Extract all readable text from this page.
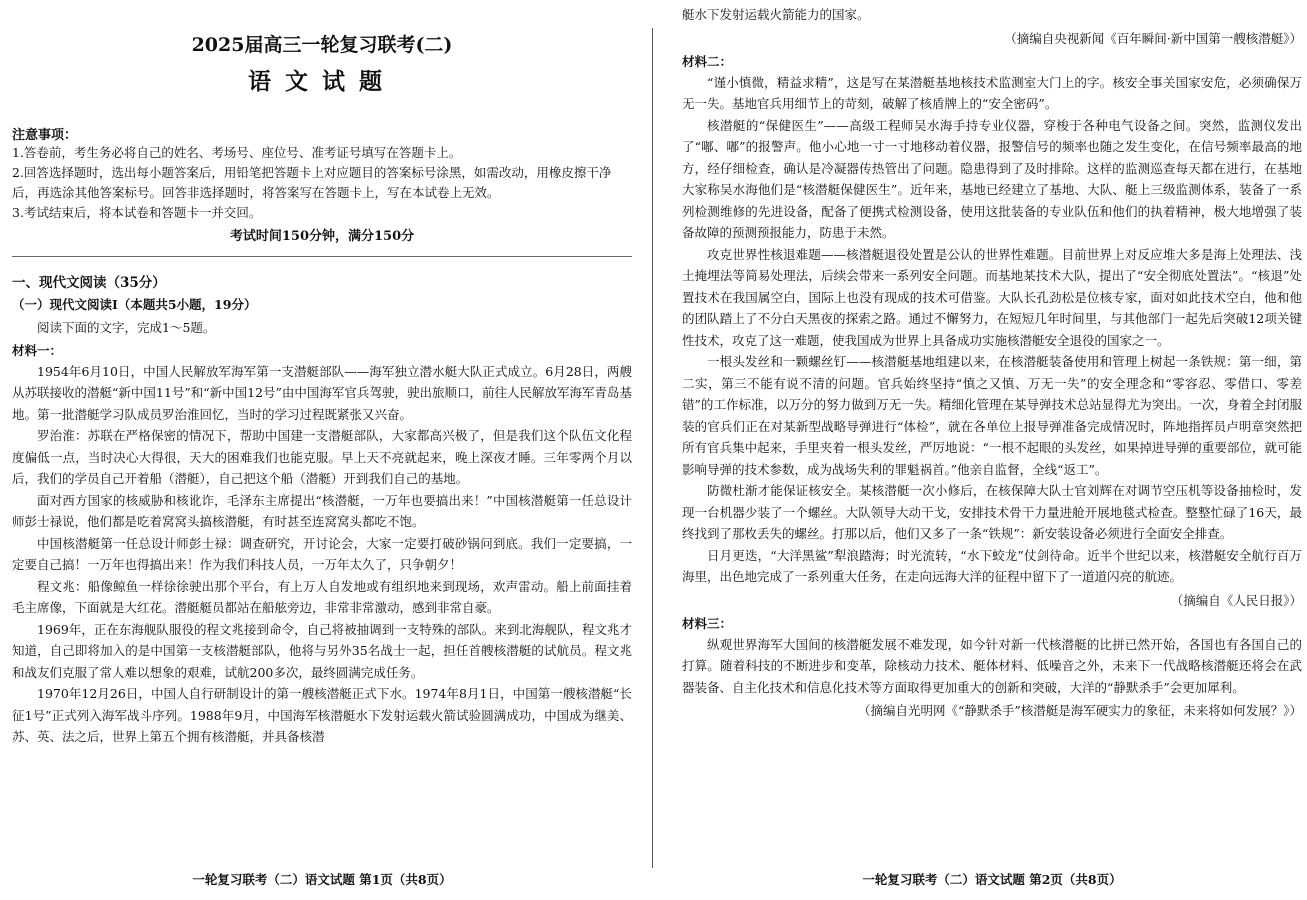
2025届高三一轮复习联考(二)
语文试题
注意事项：
1.答卷前，考生务必将自己的姓名、考场号、座位号、准考证号填写在答题卡上。
2.回答选择题时，选出每小题答案后，用铅笔把答题卡上对应题目的答案标号涂黑，如需改动，用橡皮擦干净后，再选涂其他答案标号。回答非选择题时，将答案写在答题卡上，写在本试卷上无效。
3.考试结束后，将本试卷和答题卡一并交回。
考试时间150分钟，满分150分
一、现代文阅读（35分）
（一）现代文阅读Ⅰ（本题共5小题，19分）

阅读下面的文字，完成1～5题。

材料一：

1954年6月10日，中国人民解放军海军第一支潜艇部队——海军独立潜水艇大队正式成立。6月28日，两艘从苏联接收的潜艇“新中国11号”和“新中国12号”由中国海军官兵驾驶，驶出旅顺口，前往人民解放军海军青岛基地。第一批潜艇学习队成员罗治淮回忆，当时的学习过程既紧张又兴奋。

罗治淮：苏联在严格保密的情况下，帮助中国建一支潜艇部队，大家都高兴极了，但是我们这个队伍文化程度偏低一点，当时决心大得很，天大的困难我们也能克服。早上天不亮就起来，晚上深夜才睡。三年零两个月以后，我们的学员自己开着船（潜艇），自己把这个船（潜艇）开到我们自己的基地。

面对西方国家的核威胁和核讹诈，毛泽东主席提出“核潜艇，一万年也要搞出来！”中国核潜艇第一任总设计师彭士禄说，他们都是吃着窝窝头搞核潜艇，有时甚至连窝窝头都吃不饱。

中国核潜艇第一任总设计师彭士禄：调查研究，开讨论会，大家一定要打破砂锅问到底。我们一定要搞，一定要自己搞！一万年也得搞出来！作为我们科技人员，一万年太久了，只争朝夕！

程文兆：船像鲸鱼一样徐徐驶出那个平台，有上万人自发地或有组织地来到现场，欢声雷动。船上前面挂着毛主席像，下面就是大红花。潜艇艇员都站在船舷旁边，非常非常激动，感到非常自豪。

1969年，正在东海舰队服役的程文兆接到命令，自己将被抽调到一支特殊的部队。来到北海舰队，程文兆才知道，自己即将加入的是中国第一支核潜艇部队，他将与另外35名战士一起，担任首艘核潜艇的试航员。程文兆和战友们克服了常人难以想象的艰难，试航200多次，最终圆满完成任务。

1970年12月26日，中国人自行研制设计的第一艘核潜艇正式下水。1974年8月1日，中国第一艘核潜艇“长征1号”正式列入海军战斗序列。1988年9月，中国海军核潜艇水下发射运载火箭试验圆满成功，中国成为继美、苏、英、法之后，世界上第五个拥有核潜艇，并具备核潜

一轮复习联考（二）语文试题 第1页（共8页）

艇水下发射运载火箭能力的国家。

（摘编自央视新闻《百年瞬间·新中国第一艘核潜艇》）
材料二：

“谨小慎微，精益求精”，这是写在某潜艇基地核技术监测室大门上的字。核安全事关国家安危，必须确保万无一失。基地官兵用细节上的苛刻，破解了核盾牌上的“安全密码”。

核潜艇的“保健医生”——高级工程师吴水海手持专业仪器，穿梭于各种电气设备之间。突然，监测仪发出了“嘟、嘟”的报警声。他小心地一寸一寸地移动着仪器，报警信号的频率也随之发生变化，在信号频率最高的地方，经仔细检查，确认是冷凝器传热管出了问题。隐患得到了及时排除。这样的监测巡查每天都在进行，在基地大家称吴水海他们是“核潜艇保健医生”。近年来，基地已经建立了基地、大队、艇上三级监测体系，装备了一系列检测维修的先进设备，配备了便携式检测设备，使用这批装备的专业队伍和他们的执着精神，极大地增强了装备故障的预测预报能力，防患于未然。

攻克世界性核退难题——核潜艇退役处置是公认的世界性难题。目前世界上对反应堆大多是海上处理法、浅土掩埋法等简易处理法，后续会带来一系列安全问题。而基地某技术大队，提出了“安全彻底处置法”。“核退”处置技术在我国属空白，国际上也没有现成的技术可借鉴。大队长孔劲松是位核专家，面对如此技术空白，他和他的团队踏上了不分白天黑夜的探索之路。通过不懈努力，在短短几年时间里，与其他部门一起先后突破12项关键性技术，攻克了这一难题，使我国成为世界上具备成功实施核潜艇安全退役的国家之一。

一根头发丝和一颗螺丝钉——核潜艇基地组建以来，在核潜艇装备使用和管理上树起一条铁规：第一细，第二实，第三不能有说不清的问题。官兵始终坚持“慎之又慎、万无一失”的安全理念和“零容忍、零借口、零差错”的工作标准，以万分的努力做到万无一失。精细化管理在某导弹技术总站显得尤为突出。一次，身着全封闭服装的官兵们正在对某新型战略导弹进行“体检”，就在各单位上报导弹准备完成情况时，阵地指挥员卢明章突然把所有官兵集中起来，手里夹着一根头发丝，严厉地说：“一根不起眼的头发丝，如果掉进导弹的重要部位，就可能影响导弹的技术参数，成为战场失利的罪魁祸首。”他亲自监督，全线“返工”。

防微杜渐才能保证核安全。某核潜艇一次小修后，在核保障大队士官刘辉在对调节空压机等设备抽检时，发现一台机器少装了一个螺丝。大队领导大动干戈，安排技术骨干力量进舱开展地毯式检查。整整忙碌了16天，最终找到了那枚丢失的螺丝。打那以后，他们又多了一条“铁规”：新安装设备必须进行全面安全排查。

日月更迭，“大洋黑鲨”犁浪踏海；时光流转，“水下蛟龙”仗剑待命。近半个世纪以来，核潜艇安全航行百万海里，出色地完成了一系列重大任务，在走向远海大洋的征程中留下了一道道闪亮的航迹。

（摘编自《人民日报》）
材料三：

纵观世界海军大国间的核潜艇发展不难发现，如今针对新一代核潜艇的比拼已然开始，各国也有各国自己的打算。随着科技的不断进步和变革，除核动力技术、艇体材料、低噪音之外，未来下一代战略核潜艇还将会在武器装备、自主化技术和信息化技术等方面取得更加重大的创新和突破，大洋的“静默杀手”会更加犀利。

（摘编自光明网《“静默杀手”核潜艇是海军硬实力的象征，未来将如何发展？》）
一轮复习联考（二）语文试题 第2页（共8页）
